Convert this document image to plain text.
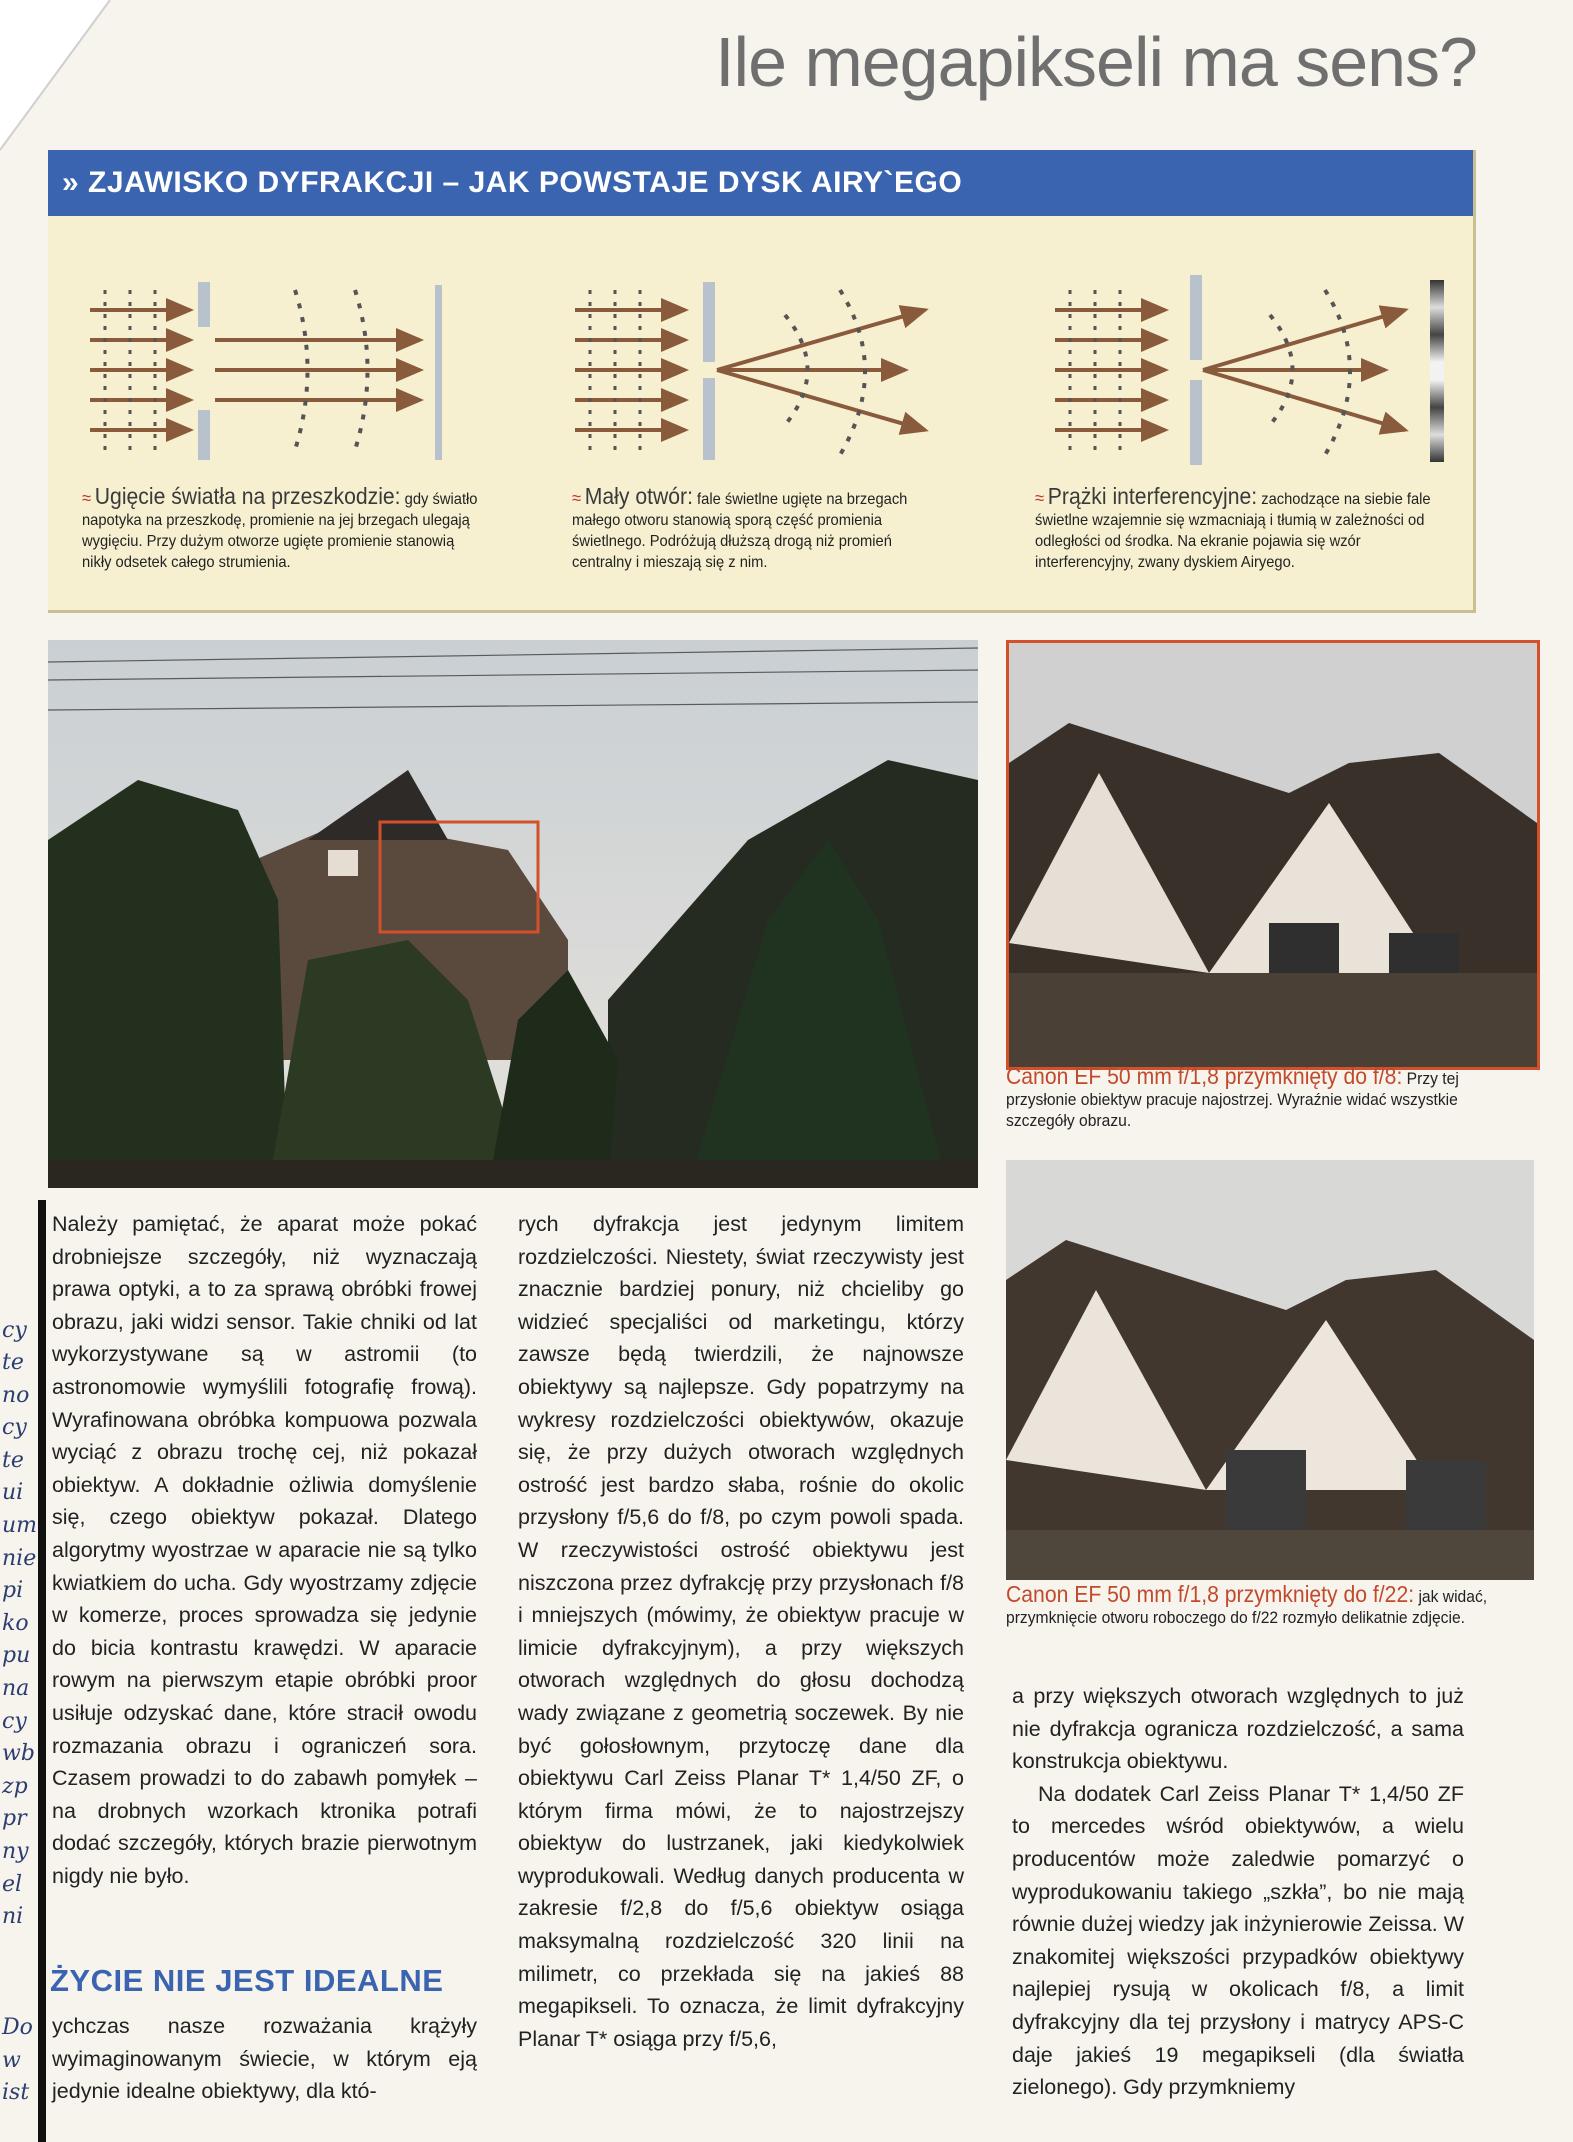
Ile megapikseli ma sens?
» ZJAWISKO DYFRAKCJI – JAK POWSTAJE DYSK AIRY`EGO
≈ Ugięcie światła na przeszkodzie: gdy światło napotyka na przeszkodę, promienie na jej brzegach ulegają wygięciu. Przy dużym otworze ugięte promienie stanowią nikły odsetek całego strumienia.
≈ Mały otwór: fale świetlne ugięte na brzegach małego otworu stanowią sporą część promienia świetlnego. Podróżują dłuższą drogą niż promień centralny i mieszają się z nim.
≈ Prążki interferencyjne: zachodzące na siebie fale świetlne wzajemnie się wzmacniają i tłumią w zależności od odległości od środka. Na ekranie pojawia się wzór interferencyjny, zwany dyskiem Airyego.
Canon EF 50 mm f/1,8 przymknięty do f/8: Przy tej przysłonie obiektyw pracuje najostrzej. Wyraźnie widać wszystkie szczegóły obrazu.
Canon EF 50 mm f/1,8 przymknięty do f/22: jak widać, przymknięcie otworu roboczego do f/22 rozmyło delikatnie zdjęcie.

Należy pamiętać, że aparat może pokać drobniejsze szczegóły, niż wyznaczają prawa optyki, a to za sprawą obróbki frowej obrazu, jaki widzi sensor. Takie chniki od lat wykorzystywane są w astromii (to astronomowie wymyślili fotografię frową). Wyrafinowana obróbka kompuowa pozwala wyciąć z obrazu trochę cej, niż pokazał obiektyw. A dokładnie ożliwia domyślenie się, czego obiektyw pokazał. Dlatego algorytmy wyostrzae w aparacie nie są tylko kwiatkiem do ucha. Gdy wyostrzamy zdjęcie w komerze, proces sprowadza się jedynie do bicia kontrastu krawędzi. W aparacie rowym na pierwszym etapie obróbki proor usiłuje odzyskać dane, które stracił owodu rozmazania obrazu i ograniczeń sora. Czasem prowadzi to do zabawh pomyłek – na drobnych wzorkach ktronika potrafi dodać szczegóły, których brazie pierwotnym nigdy nie było.

ŻYCIE NIE JEST IDEALNE

ychczas nasze rozważania krążyły wyimaginowanym świecie, w którym eją jedynie idealne obiektywy, dla któ-

rych dyfrakcja jest jedynym limitem rozdzielczości. Niestety, świat rzeczywisty jest znacznie bardziej ponury, niż chcieliby go widzieć specjaliści od marketingu, którzy zawsze będą twierdzili, że najnowsze obiektywy są najlepsze. Gdy popatrzymy na wykresy rozdzielczości obiektywów, okazuje się, że przy dużych otworach względnych ostrość jest bardzo słaba, rośnie do okolic przysłony f/5,6 do f/8, po czym powoli spada. W rzeczywistości ostrość obiektywu jest niszczona przez dyfrakcję przy przysłonach f/8 i mniejszych (mówimy, że obiektyw pracuje w limicie dyfrakcyjnym), a przy większych otworach względnych do głosu dochodzą wady związane z geometrią soczewek. By nie być gołosłownym, przytoczę dane dla obiektywu Carl Zeiss Planar T* 1,4/50 ZF, o którym firma mówi, że to najostrzejszy obiektyw do lustrzanek, jaki kiedykolwiek wyprodukowali. Według danych producenta w zakresie f/2,8 do f/5,6 obiektyw osiąga maksymalną rozdzielczość 320 linii na milimetr, co przekłada się na jakieś 88 megapikseli. To oznacza, że limit dyfrakcyjny Planar T* osiąga przy f/5,6,

a przy większych otworach względnych to już nie dyfrakcja ogranicza rozdzielczość, a sama konstrukcja obiektywu.

Na dodatek Carl Zeiss Planar T* 1,4/50 ZF to mercedes wśród obiektywów, a wielu producentów może zaledwie pomarzyć o wyprodukowaniu takiego „szkła”, bo nie mają równie dużej wiedzy jak inżynierowie Zeissa. W znakomitej większości przypadków obiektywy najlepiej rysują w okolicach f/8, a limit dyfrakcyjny dla tej przysłony i matrycy APS-C daje jakieś 19 megapikseli (dla światła zielonego). Gdy przymkniemy

cy
te
no
cy
te
ui
um
nie
pi
ko
pu
na
cy
wb
zp
pr
ny
el
ni
Do
w
ist
